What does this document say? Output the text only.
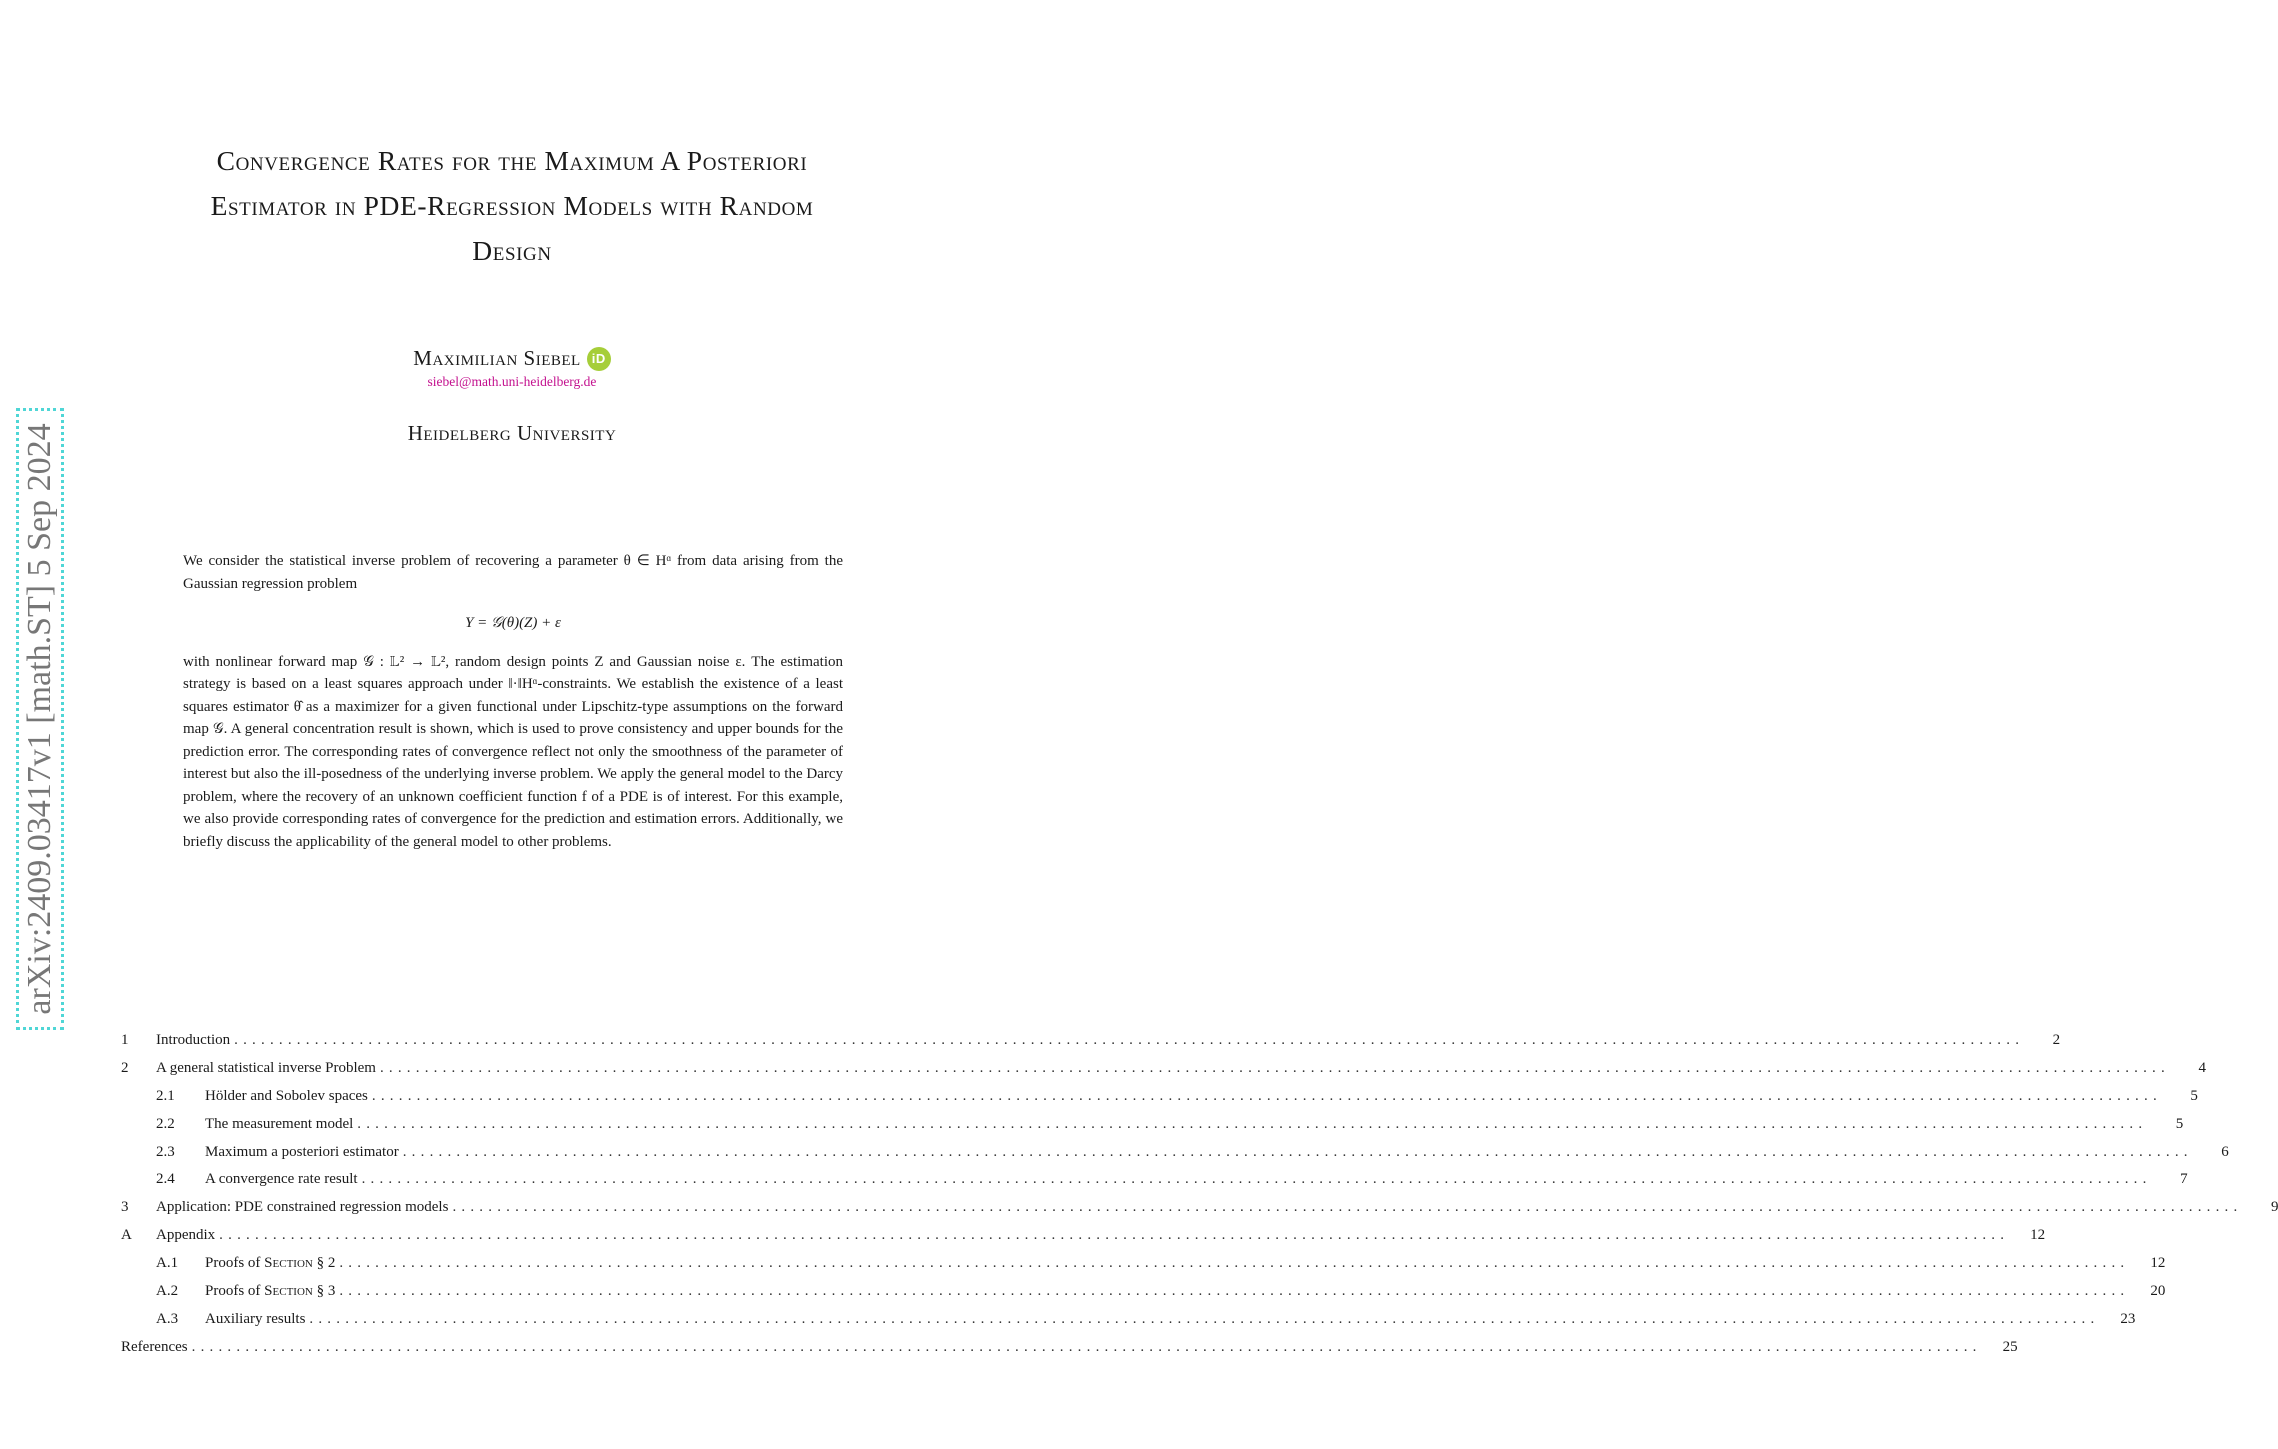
Convergence Rates for the Maximum A Posteriori
Estimator in PDE-Regression Models with Random
Design
Maximilian Siebel iD
siebel@math.uni-heidelberg.de
Heidelberg University
arXiv:2409.03417v1 [math.ST] 5 Sep 2024	We consider the statistical inverse problem of recovering a parameter θ ∈ Hᵅ from data arising from the Gaussian regression problem

Y = 𝒢(θ)(Z) + ε

with nonlinear forward map 𝒢 : 𝕃² → 𝕃², random design points Z and Gaussian noise ε. The estimation strategy is based on a least squares approach under ‖·‖Hᵅ-constraints. We establish the existence of a least squares estimator θ̂ as a maximizer for a given functional under Lipschitz-type assumptions on the forward map 𝒢. A general concentration result is shown, which is used to prove consistency and upper bounds for the prediction error. The corresponding rates of convergence reflect not only the smoothness of the parameter of interest but also the ill-posedness of the underlying inverse problem. We apply the general model to the Darcy problem, where the recovery of an unknown coefficient function f of a PDE is of interest. For this example, we also provide corresponding rates of convergence for the prediction and estimation errors. Additionally, we briefly discuss the applicability of the general model to other problems.

1	Introduction ........................................................................................................................................................................................................	2
2	A general statistical inverse Problem ........................................................................................................................................................................................................	4
2.1	Hölder and Sobolev spaces ........................................................................................................................................................................................................	5
2.2	The measurement model ........................................................................................................................................................................................................	5
2.3	Maximum a posteriori estimator ........................................................................................................................................................................................................	6
2.4	A convergence rate result ........................................................................................................................................................................................................	7
3	Application: PDE constrained regression models ........................................................................................................................................................................................................	9
A	Appendix ........................................................................................................................................................................................................	12
A.1	Proofs of Section § 2 ........................................................................................................................................................................................................	12
A.2	Proofs of Section § 3 ........................................................................................................................................................................................................	20
A.3	Auxiliary results ........................................................................................................................................................................................................	23
References ........................................................................................................................................................................................................	25
